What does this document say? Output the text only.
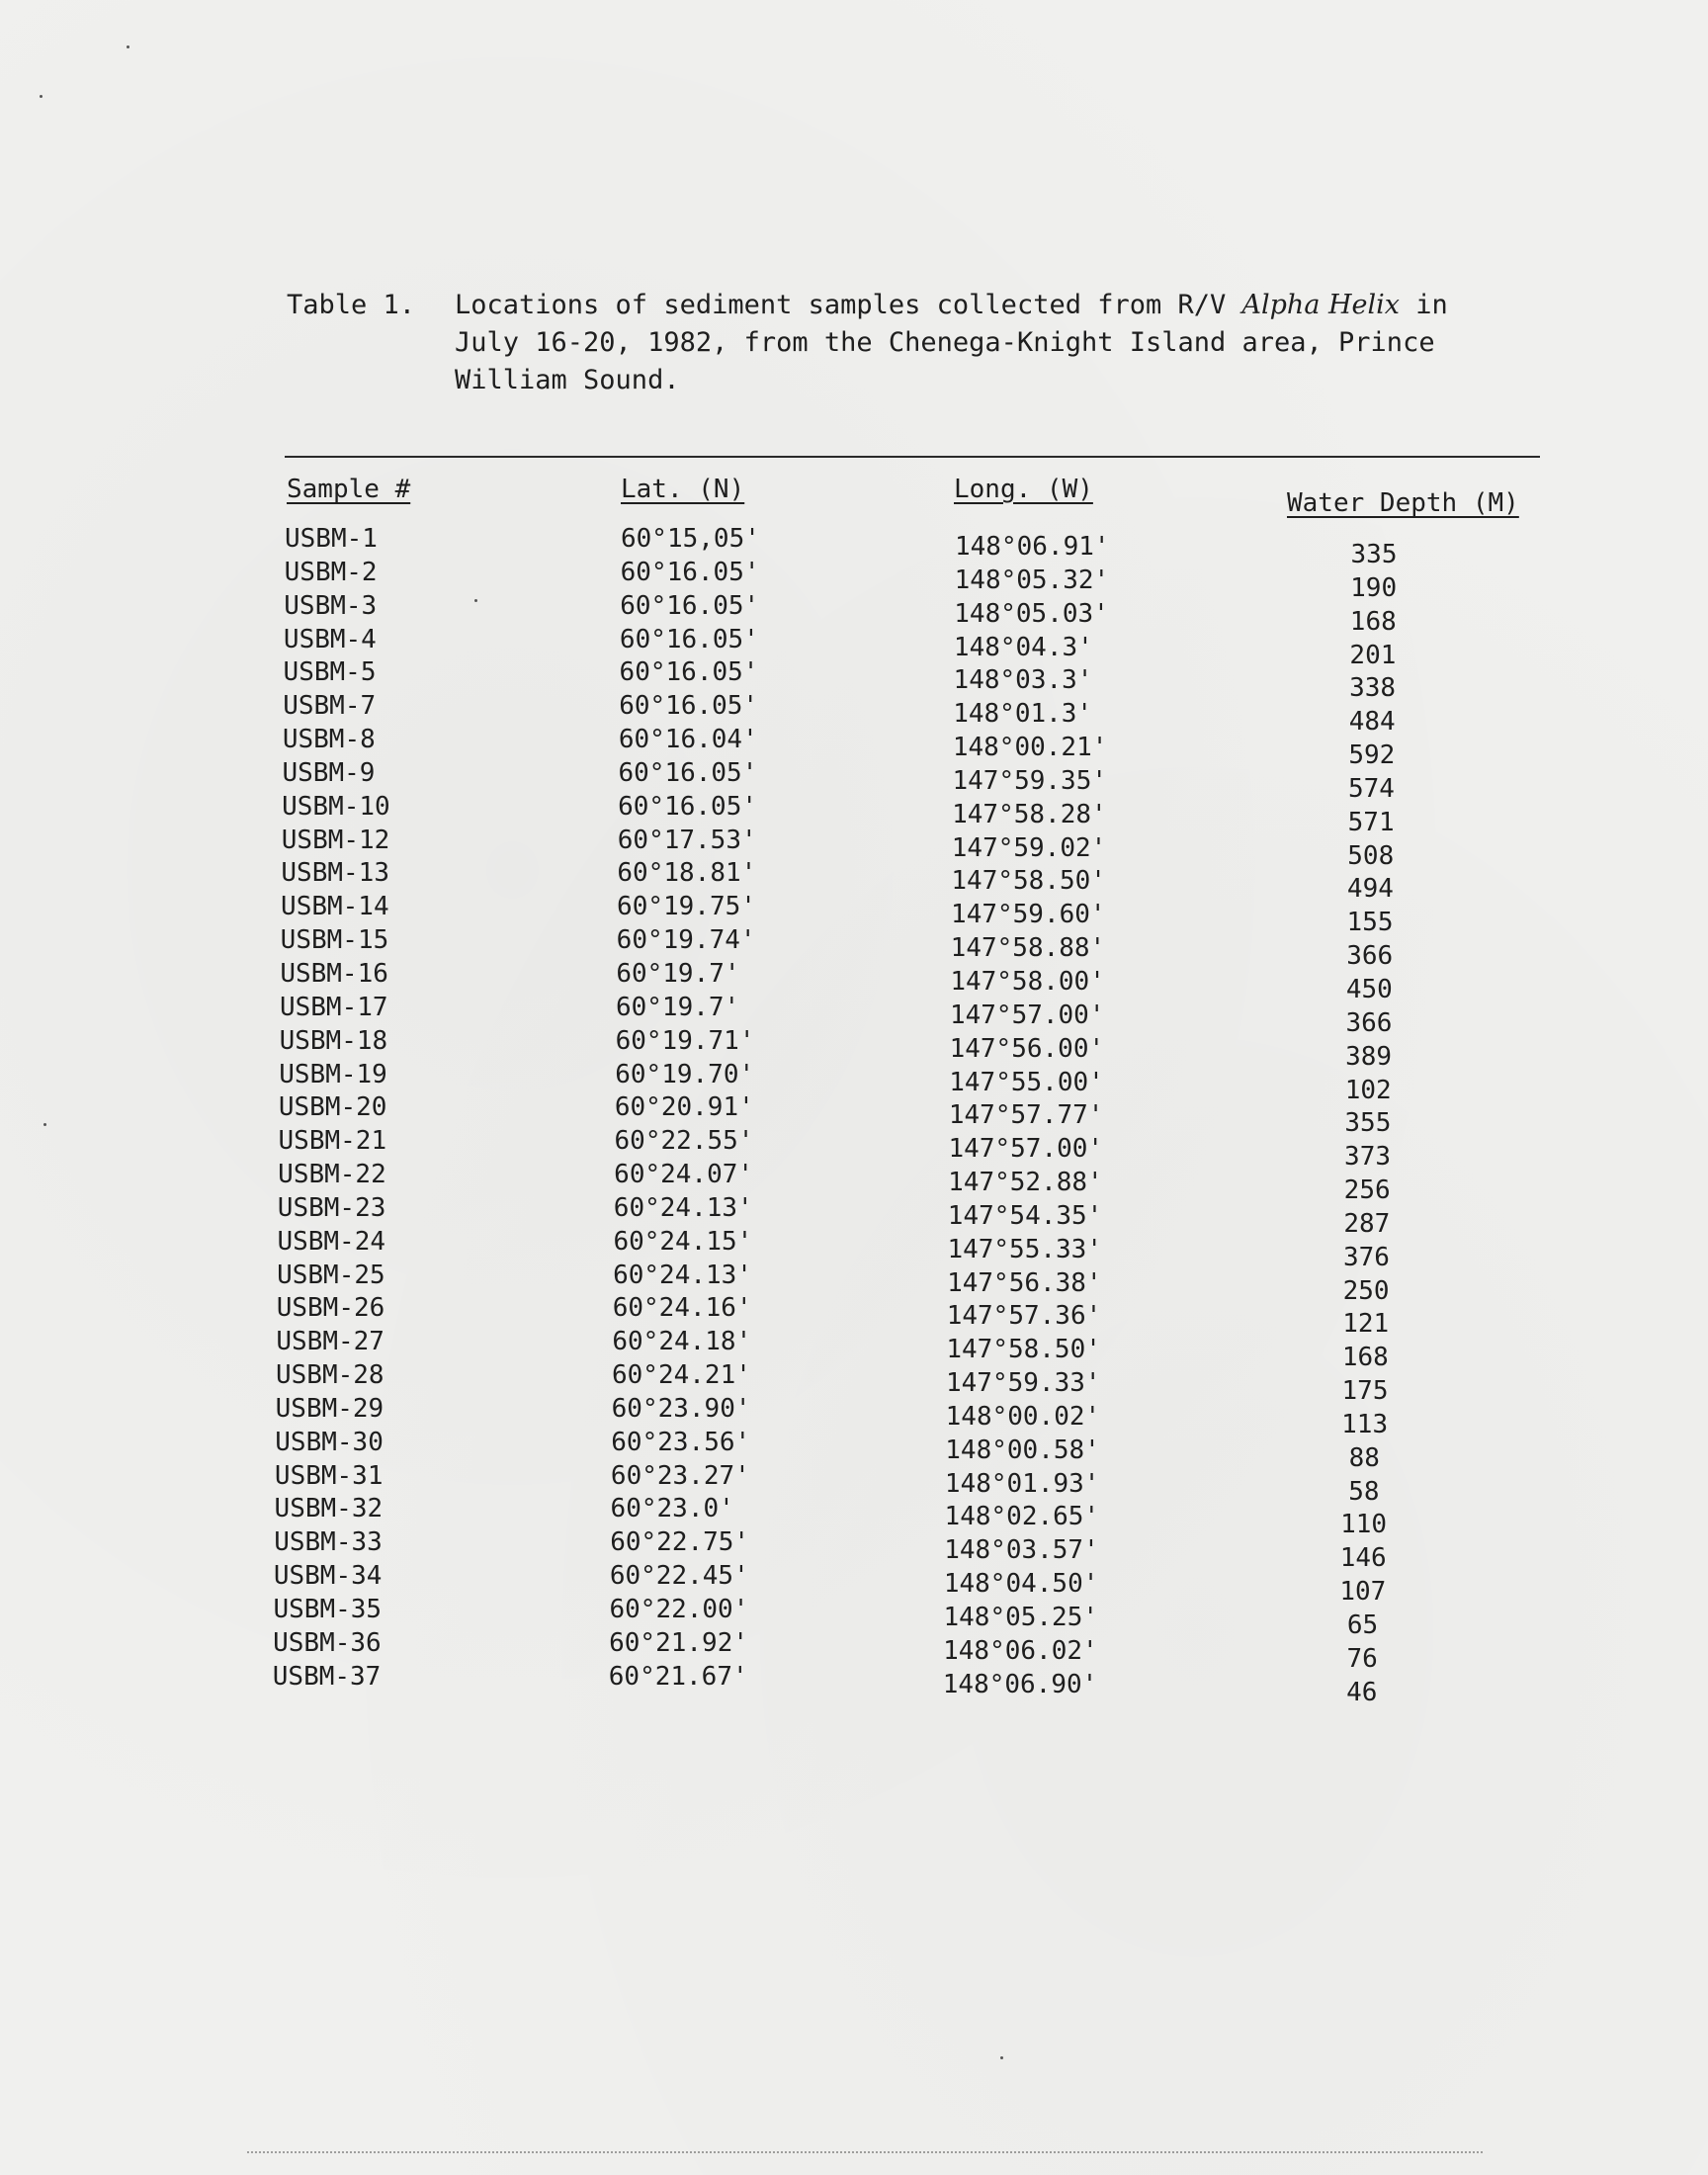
Table 1. Locations of sediment samples collected from R/V Alpha Helix in July 16-20, 1982, from the Chenega-Knight Island area, Prince William Sound.
Sample #	Lat. (N)	Long. (W)	Water Depth (M)
USBM-1	60°15,05'	148°06.91'	335
USBM-2	60°16.05'	148°05.32'	190
USBM-3	60°16.05'	148°05.03'	168
USBM-4	60°16.05'	148°04.3'	201
USBM-5	60°16.05'	148°03.3'	338
USBM-7	60°16.05'	148°01.3'	484
USBM-8	60°16.04'	148°00.21'	592
USBM-9	60°16.05'	147°59.35'	574
USBM-10	60°16.05'	147°58.28'	571
USBM-12	60°17.53'	147°59.02'	508
USBM-13	60°18.81'	147°58.50'	494
USBM-14	60°19.75'	147°59.60'	155
USBM-15	60°19.74'	147°58.88'	366
USBM-16	60°19.7'	147°58.00'	450
USBM-17	60°19.7'	147°57.00'	366
USBM-18	60°19.71'	147°56.00'	389
USBM-19	60°19.70'	147°55.00'	102
USBM-20	60°20.91'	147°57.77'	355
USBM-21	60°22.55'	147°57.00'	373
USBM-22	60°24.07'	147°52.88'	256
USBM-23	60°24.13'	147°54.35'	287
USBM-24	60°24.15'	147°55.33'	376
USBM-25	60°24.13'	147°56.38'	250
USBM-26	60°24.16'	147°57.36'	121
USBM-27	60°24.18'	147°58.50'	168
USBM-28	60°24.21'	147°59.33'	175
USBM-29	60°23.90'	148°00.02'	113
USBM-30	60°23.56'	148°00.58'	88
USBM-31	60°23.27'	148°01.93'	58
USBM-32	60°23.0'	148°02.65'	110
USBM-33	60°22.75'	148°03.57'	146
USBM-34	60°22.45'	148°04.50'	107
USBM-35	60°22.00'	148°05.25'	65
USBM-36	60°21.92'	148°06.02'	76
USBM-37	60°21.67'	148°06.90'	46
